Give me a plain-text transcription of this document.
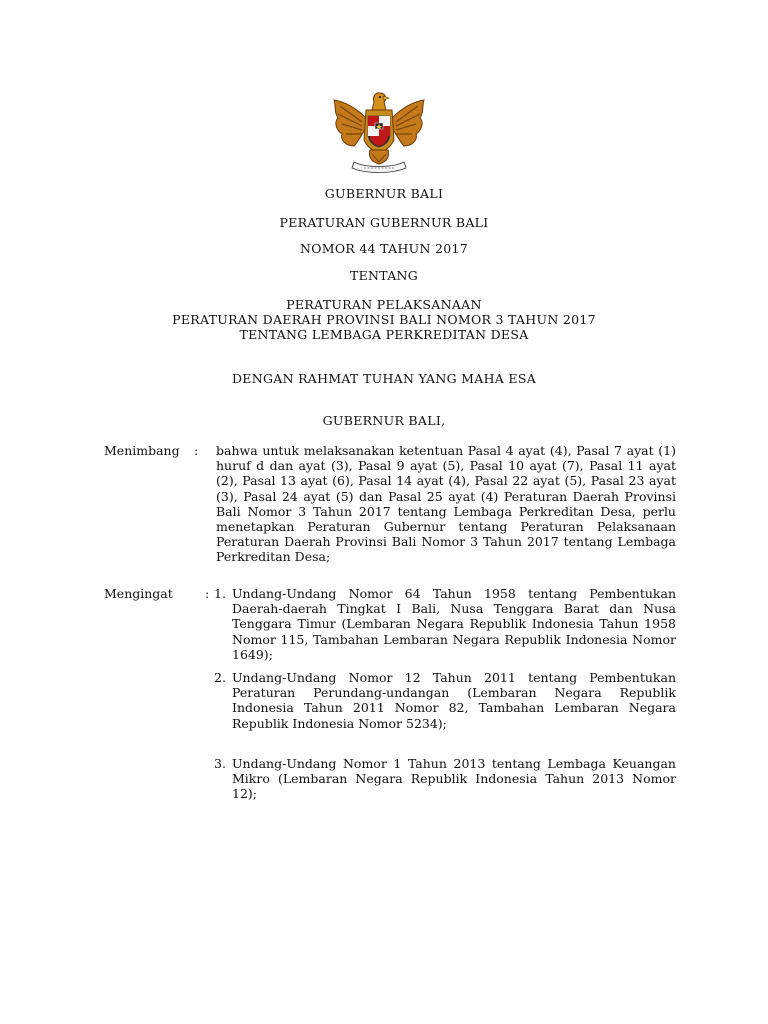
GUBERNUR BALI
PERATURAN GUBERNUR BALI
NOMOR 44 TAHUN 2017
TENTANG
PERATURAN PELAKSANAAN
PERATURAN DAERAH PROVINSI BALI NOMOR 3 TAHUN 2017
TENTANG LEMBAGA PERKREDITAN DESA
DENGAN RAHMAT TUHAN YANG MAHA ESA
GUBERNUR BALI,
Menimbang : bahwa untuk melaksanakan ketentuan Pasal 4 ayat (4), Pasal 7 ayat (1) huruf d dan ayat (3), Pasal 9 ayat (5), Pasal 10 ayat (7), Pasal 11 ayat (2), Pasal 13 ayat (6), Pasal 14 ayat (4), Pasal 22 ayat (5), Pasal 23 ayat (3), Pasal 24 ayat (5) dan Pasal 25 ayat (4) Peraturan Daerah Provinsi Bali Nomor 3 Tahun 2017 tentang Lembaga Perkreditan Desa, perlu menetapkan Peraturan Gubernur tentang Peraturan Pelaksanaan Peraturan Daerah Provinsi Bali Nomor 3 Tahun 2017 tentang Lembaga Perkreditan Desa;

Mengingat	: 1. Undang-Undang Nomor 64 Tahun 1958 tentang Pembentukan Daerah-daerah Tingkat I Bali, Nusa Tenggara Barat dan Nusa Tenggara Timur (Lembaran Negara Republik Indonesia Tahun 1958 Nomor 115, Tambahan Lembaran Negara Republik Indonesia Nomor 1649);

2. Undang-Undang Nomor 12 Tahun 2011 tentang Pembentukan Peraturan Perundang-undangan (Lembaran Negara Republik Indonesia Tahun 2011 Nomor 82, Tambahan Lembaran Negara Republik Indonesia Nomor 5234);

3. Undang-Undang Nomor 1 Tahun 2013 tentang Lembaga Keuangan Mikro (Lembaran Negara Republik Indonesia Tahun 2013 Nomor 12);
